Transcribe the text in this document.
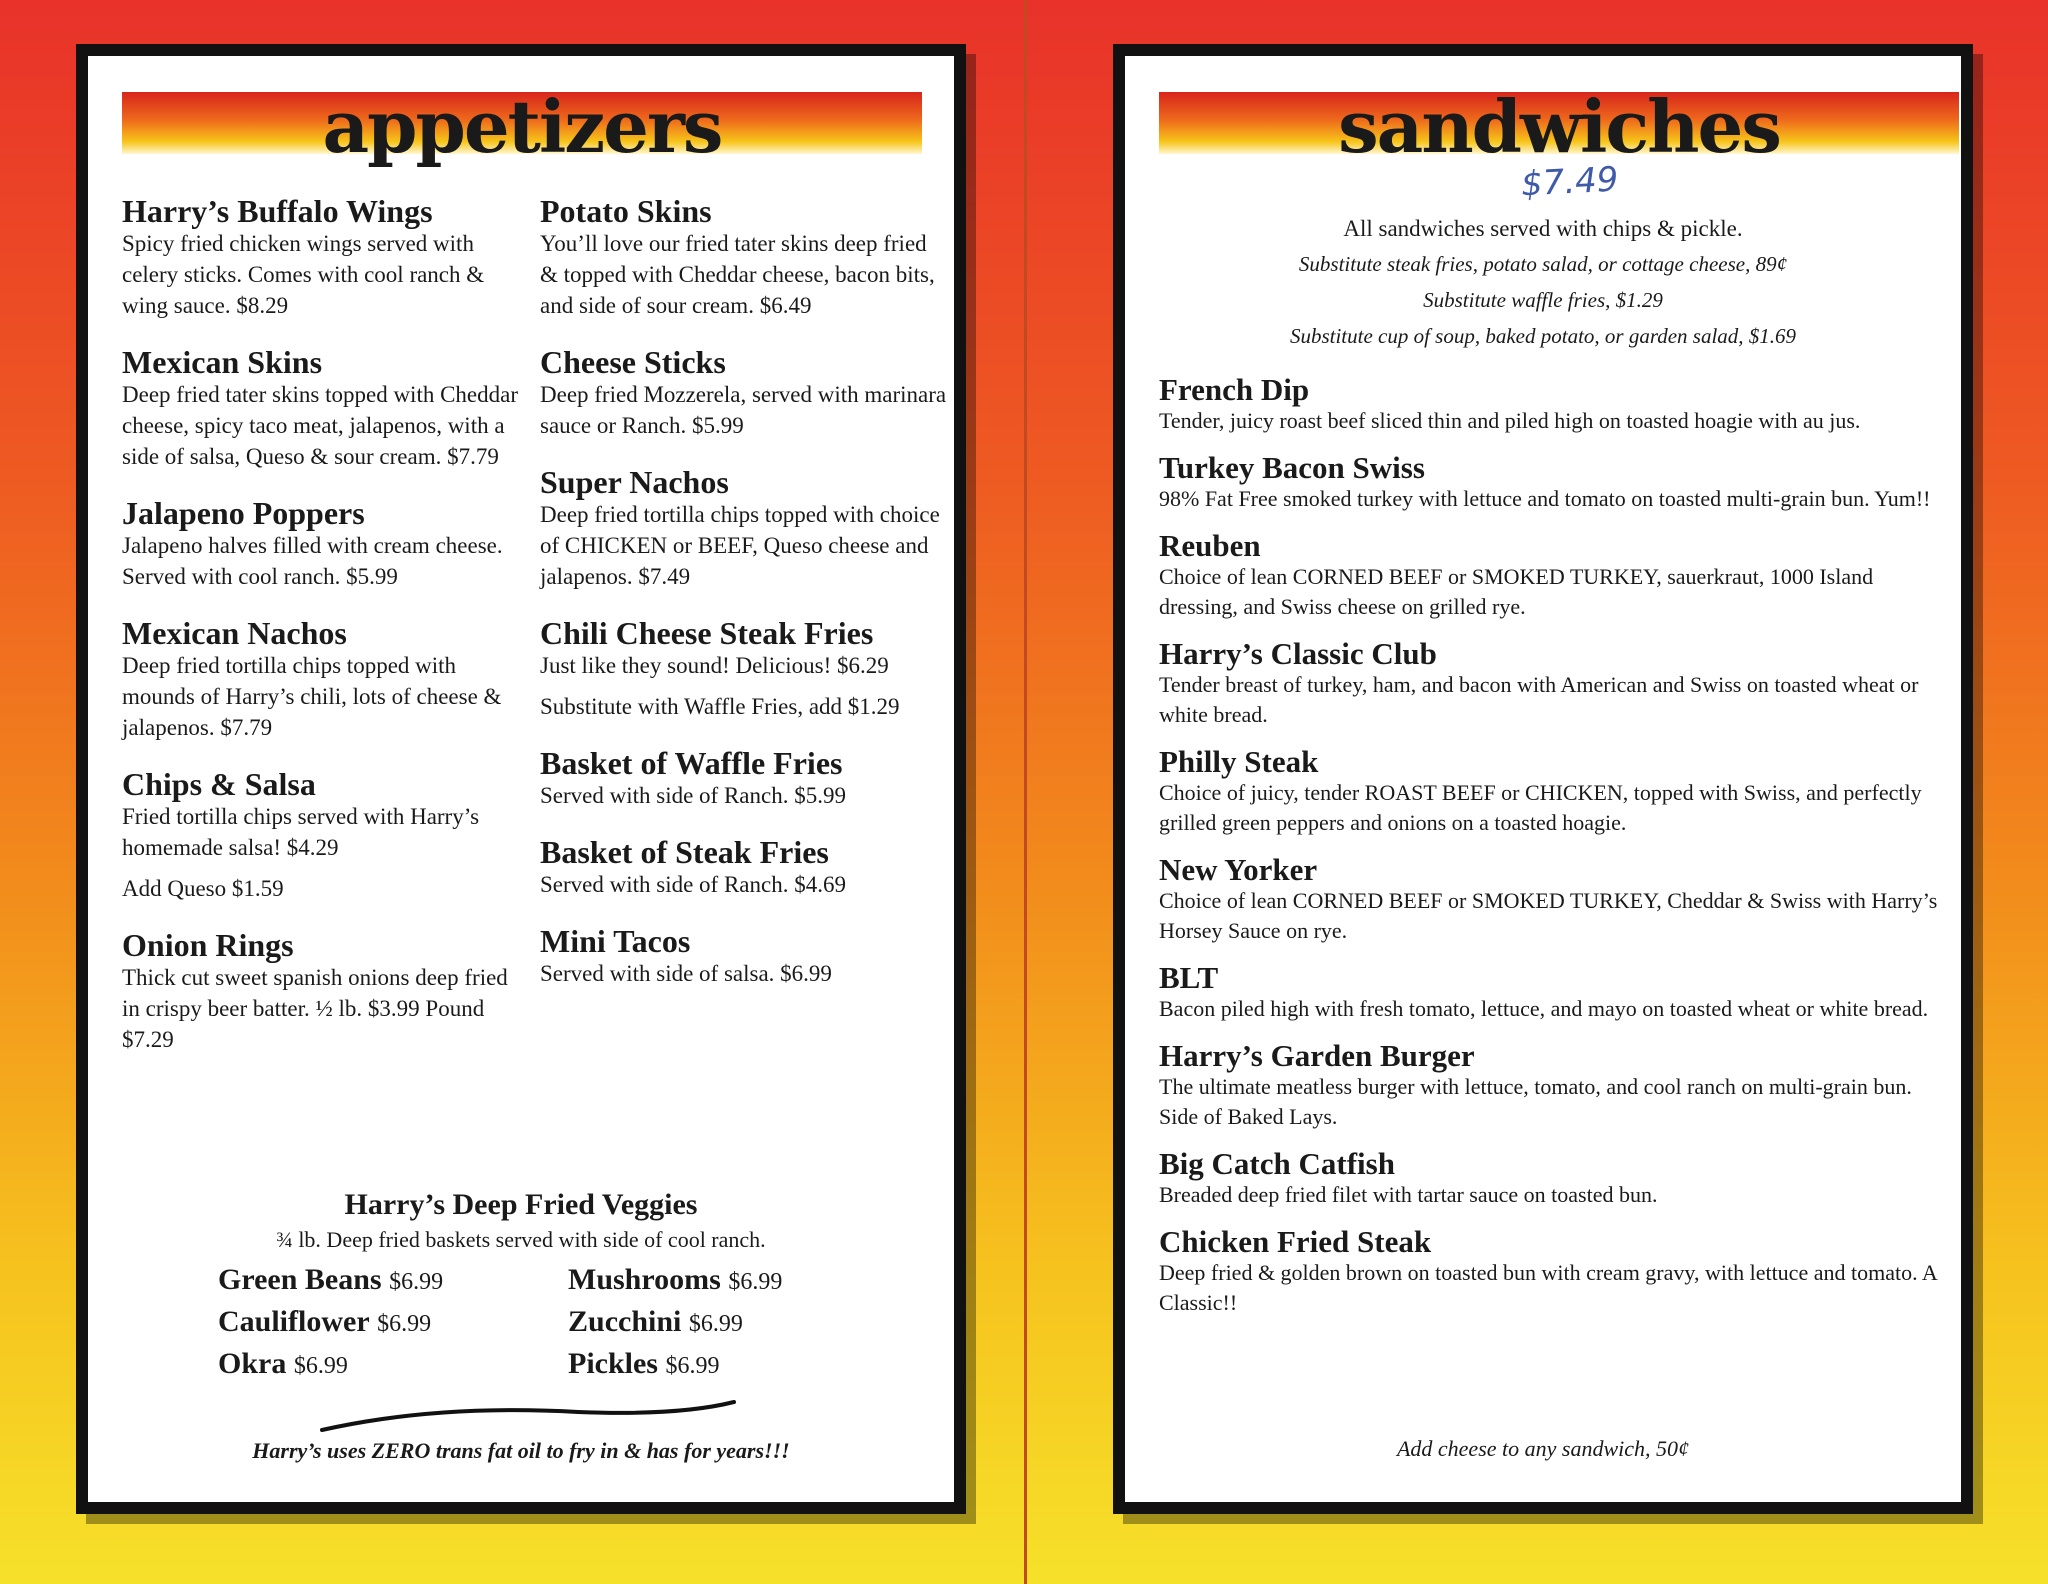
appetizers
Harry’s Buffalo Wings
Spicy fried chicken wings served with celery sticks. Comes with cool ranch & wing sauce. $8.29
Mexican Skins
Deep fried tater skins topped with Cheddar cheese, spicy taco meat, jalapenos, with a side of salsa, Queso & sour cream. $7.79
Jalapeno Poppers
Jalapeno halves filled with cream cheese. Served with cool ranch. $5.99
Mexican Nachos
Deep fried tortilla chips topped with mounds of Harry’s chili, lots of cheese & jalapenos. $7.79
Chips & Salsa
Fried tortilla chips served with Harry’s homemade salsa! $4.29
Add Queso $1.59
Onion Rings
Thick cut sweet spanish onions deep fried in crispy beer batter. ½ lb. $3.99 Pound $7.29
Potato Skins
You’ll love our fried tater skins deep fried & topped with Cheddar cheese, bacon bits, and side of sour cream. $6.49
Cheese Sticks
Deep fried Mozzerela, served with marinara sauce or Ranch. $5.99
Super Nachos
Deep fried tortilla chips topped with choice of CHICKEN or BEEF, Queso cheese and jalapenos. $7.49
Chili Cheese Steak Fries
Just like they sound! Delicious! $6.29
Substitute with Waffle Fries, add $1.29
Basket of Waffle Fries
Served with side of Ranch. $5.99
Basket of Steak Fries
Served with side of Ranch. $4.69
Mini Tacos
Served with side of salsa. $6.99
Harry’s Deep Fried Veggies
¾ lb. Deep fried baskets served with side of cool ranch.
Green Beans $6.99	Mushrooms $6.99
Cauliflower $6.99	Zucchini $6.99
Okra $6.99	Pickles $6.99
Harry’s uses ZERO trans fat oil to fry in & has for years!!!
sandwiches
$7.49
All sandwiches served with chips & pickle.
Substitute steak fries, potato salad, or cottage cheese, 89¢
Substitute waffle fries, $1.29
Substitute cup of soup, baked potato, or garden salad, $1.69
French Dip
Tender, juicy roast beef sliced thin and piled high on toasted hoagie with au jus.
Turkey Bacon Swiss
98% Fat Free smoked turkey with lettuce and tomato on toasted multi-grain bun. Yum!!
Reuben
Choice of lean CORNED BEEF or SMOKED TURKEY, sauerkraut, 1000 Island dressing, and Swiss cheese on grilled rye.
Harry’s Classic Club
Tender breast of turkey, ham, and bacon with American and Swiss on toasted wheat or white bread.
Philly Steak
Choice of juicy, tender ROAST BEEF or CHICKEN, topped with Swiss, and perfectly grilled green peppers and onions on a toasted hoagie.
New Yorker
Choice of lean CORNED BEEF or SMOKED TURKEY, Cheddar & Swiss with Harry’s Horsey Sauce on rye.
BLT
Bacon piled high with fresh tomato, lettuce, and mayo on toasted wheat or white bread.
Harry’s Garden Burger
The ultimate meatless burger with lettuce, tomato, and cool ranch on multi-grain bun. Side of Baked Lays.
Big Catch Catfish
Breaded deep fried filet with tartar sauce on toasted bun.
Chicken Fried Steak
Deep fried & golden brown on toasted bun with cream gravy, with lettuce and tomato. A Classic!!
Add cheese to any sandwich, 50¢
